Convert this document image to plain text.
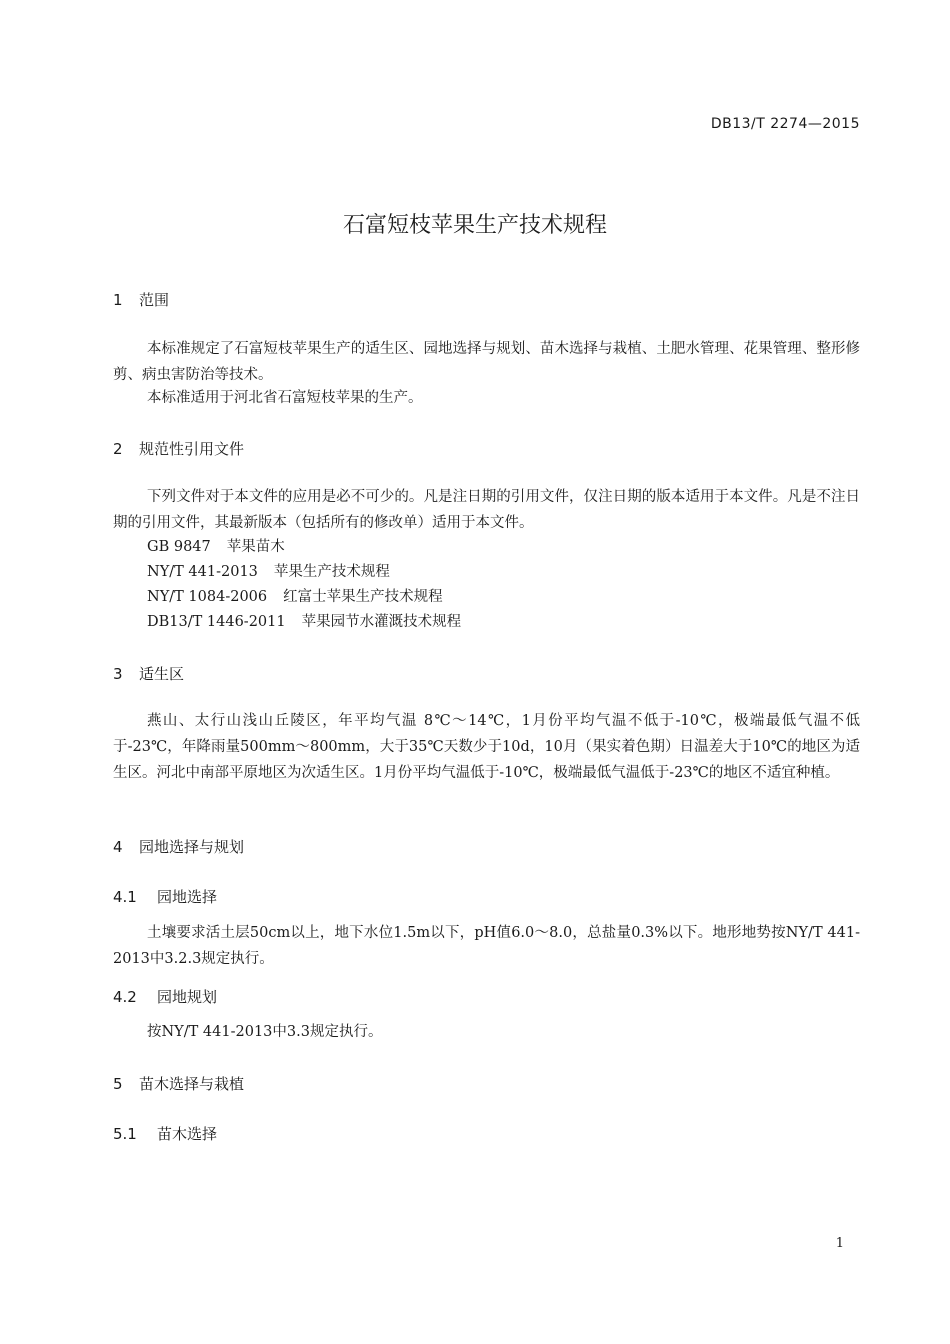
DB13/T 2274—2015
石富短枝苹果生产技术规程
1 范围
本标准规定了石富短枝苹果生产的适生区、园地选择与规划、苗木选择与栽植、土肥水管理、花果管理、整形修剪、病虫害防治等技术。
本标准适用于河北省石富短枝苹果的生产。
2 规范性引用文件
下列文件对于本文件的应用是必不可少的。凡是注日期的引用文件，仅注日期的版本适用于本文件。凡是不注日期的引用文件，其最新版本（包括所有的修改单）适用于本文件。
GB 9847 苹果苗木
NY/T 441-2013 苹果生产技术规程
NY/T 1084-2006 红富士苹果生产技术规程
DB13/T 1446-2011 苹果园节水灌溉技术规程
3 适生区
燕山、太行山浅山丘陵区，年平均气温 8℃～14℃，1月份平均气温不低于-10℃，极端最低气温不低于-23℃，年降雨量500mm～800mm，大于35℃天数少于10d，10月（果实着色期）日温差大于10℃的地区为适生区。河北中南部平原地区为次适生区。1月份平均气温低于-10℃，极端最低气温低于-23℃的地区不适宜种植。
4 园地选择与规划
4.1 园地选择
土壤要求活土层50cm以上，地下水位1.5m以下，pH值6.0～8.0，总盐量0.3%以下。地形地势按NY/T 441-2013中3.2.3规定执行。
4.2 园地规划
按NY/T 441-2013中3.3规定执行。
5 苗木选择与栽植
5.1 苗木选择
1
